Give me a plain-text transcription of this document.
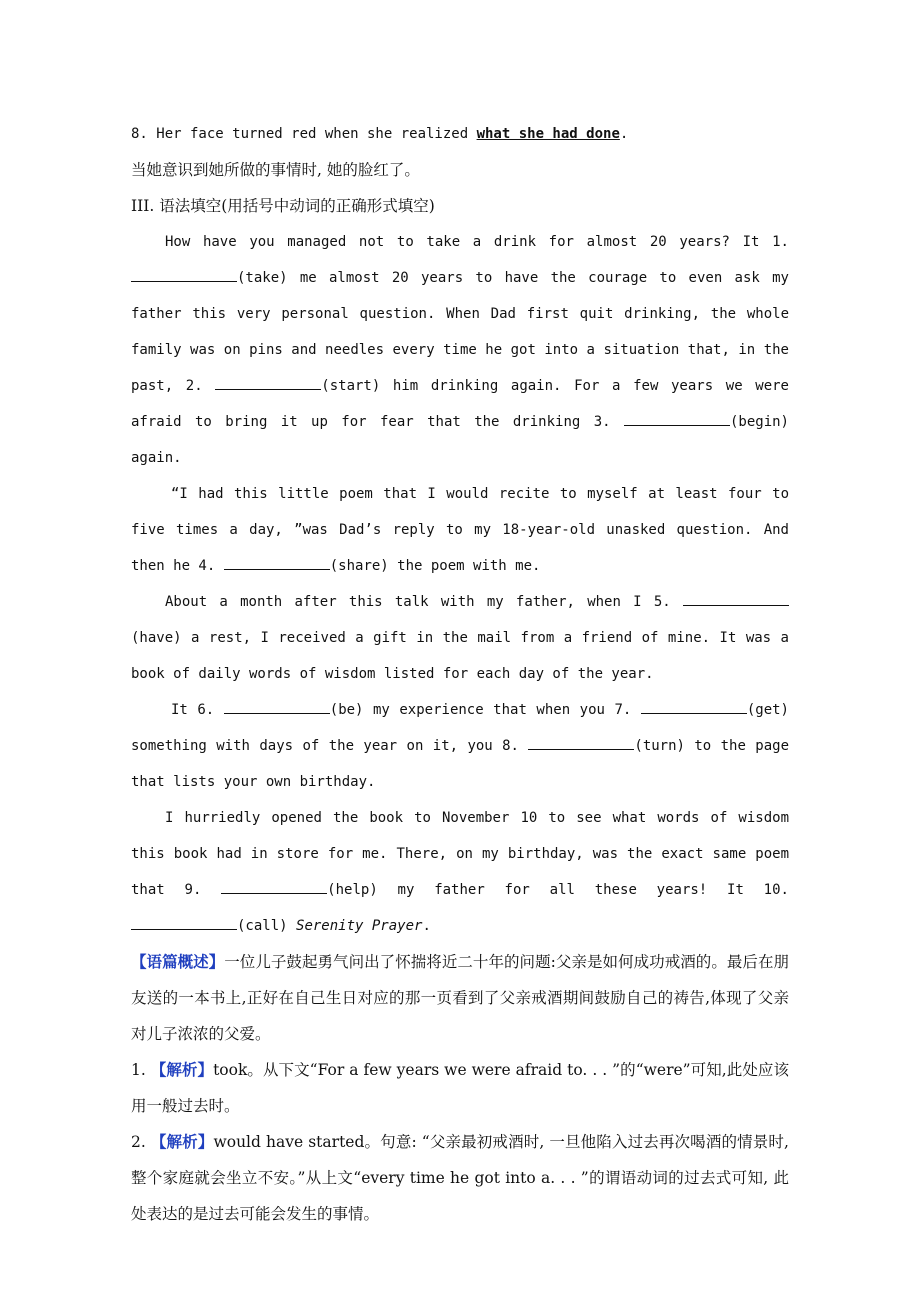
8. Her face turned red when she realized what she had done.

当她意识到她所做的事情时, 她的脸红了。

III. 语法填空(用括号中动词的正确形式填空)

How have you managed not to take a drink for almost 20 years? It 1. (take) me almost 20 years to have the courage to even ask my father this very personal question. When Dad first quit drinking, the whole family was on pins and needles every time he got into a situation that, in the past, 2.	(start) him drinking again. For a few years we were afraid to bring it up for fear that the drinking 3.	(begin) again.

“I had this little poem that I would recite to myself at least four to five times a day, ”was Dad’s reply to my 18-year-old unasked question. And then he 4.	(share) the poem with me.

About a month after this talk with my father, when I 5. (have) a rest, I received a gift in the mail from a friend of mine. It was a book of daily words of wisdom listed for each day of the year.

It 6.	(be) my experience that when you 7.	(get) something with days of the year on it, you 8.	(turn) to the page that lists your own birthday.

I hurriedly opened the book to November 10 to see what words of wisdom this book had in store for me. There, on my birthday, was the exact same poem that 9.	(help) my father for all these years! It 10. (call) Serenity Prayer.

【语篇概述】一位儿子鼓起勇气问出了怀揣将近二十年的问题:父亲是如何成功戒酒的。最后在朋友送的一本书上,正好在自己生日对应的那一页看到了父亲戒酒期间鼓励自己的祷告,体现了父亲对儿子浓浓的父爱。

1. 【解析】took。从下文“For a few years we were afraid to. . . ”的“were”可知,此处应该用一般过去时。

2. 【解析】would have started。句意: “父亲最初戒酒时, 一旦他陷入过去再次喝酒的情景时,整个家庭就会坐立不安。”从上文“every time he got into a. . . ”的谓语动词的过去式可知, 此处表达的是过去可能会发生的事情。
